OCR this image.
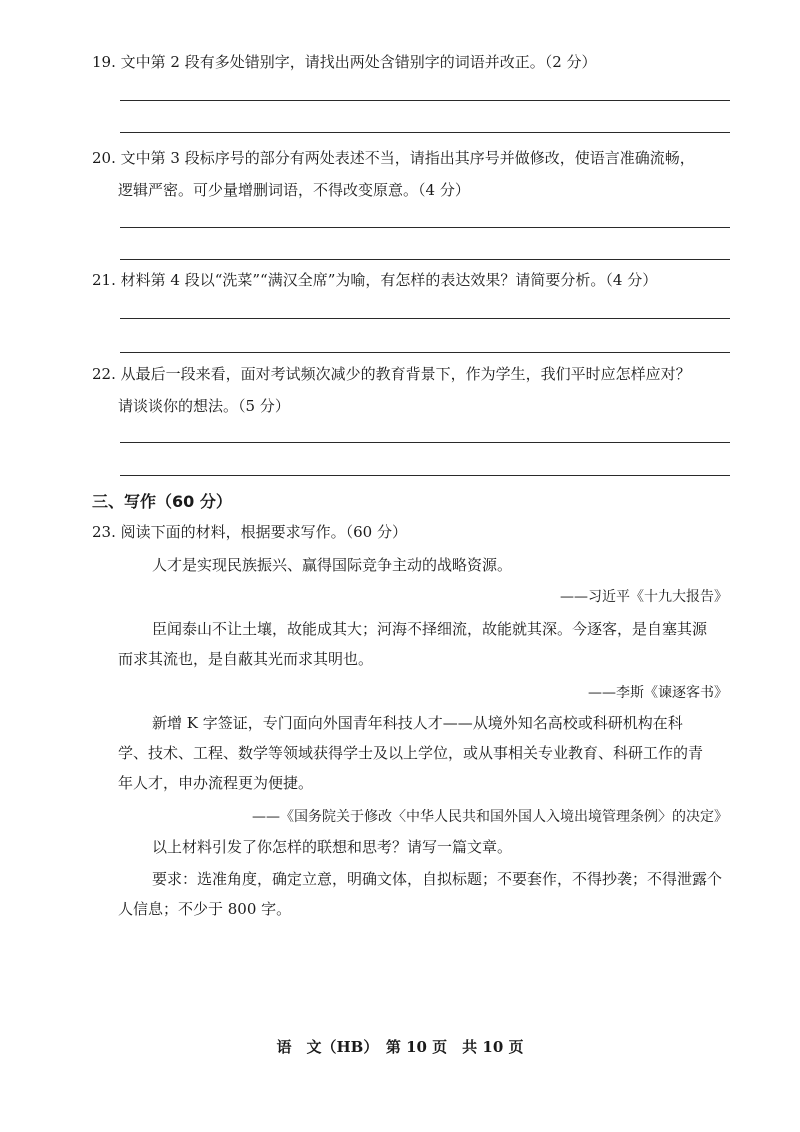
19. 文中第 2 段有多处错别字，请找出两处含错别字的词语并改正。（2 分）
20. 文中第 3 段标序号的部分有两处表述不当，请指出其序号并做修改，使语言准确流畅，
逻辑严密。可少量增删词语，不得改变原意。（4 分）
21. 材料第 4 段以“洗菜”“满汉全席”为喻，有怎样的表达效果？请简要分析。（4 分）
22. 从最后一段来看，面对考试频次减少的教育背景下，作为学生，我们平时应怎样应对？
请谈谈你的想法。（5 分）
三、写作（60 分）
23. 阅读下面的材料，根据要求写作。（60 分）
人才是实现民族振兴、赢得国际竞争主动的战略资源。
——习近平《十九大报告》
臣闻泰山不让土壤，故能成其大；河海不择细流，故能就其深。今逐客，是自塞其源
而求其流也，是自蔽其光而求其明也。
——李斯《谏逐客书》
新增 K 字签证，专门面向外国青年科技人才——从境外知名高校或科研机构在科
学、技术、工程、数学等领域获得学士及以上学位，或从事相关专业教育、科研工作的青
年人才，申办流程更为便捷。
——《国务院关于修改〈中华人民共和国外国人入境出境管理条例〉的决定》
以上材料引发了你怎样的联想和思考？请写一篇文章。
要求：选准角度，确定立意，明确文体，自拟标题；不要套作，不得抄袭；不得泄露个
人信息；不少于 800 字。
语　文（HB）　第 10 页　共 10 页
